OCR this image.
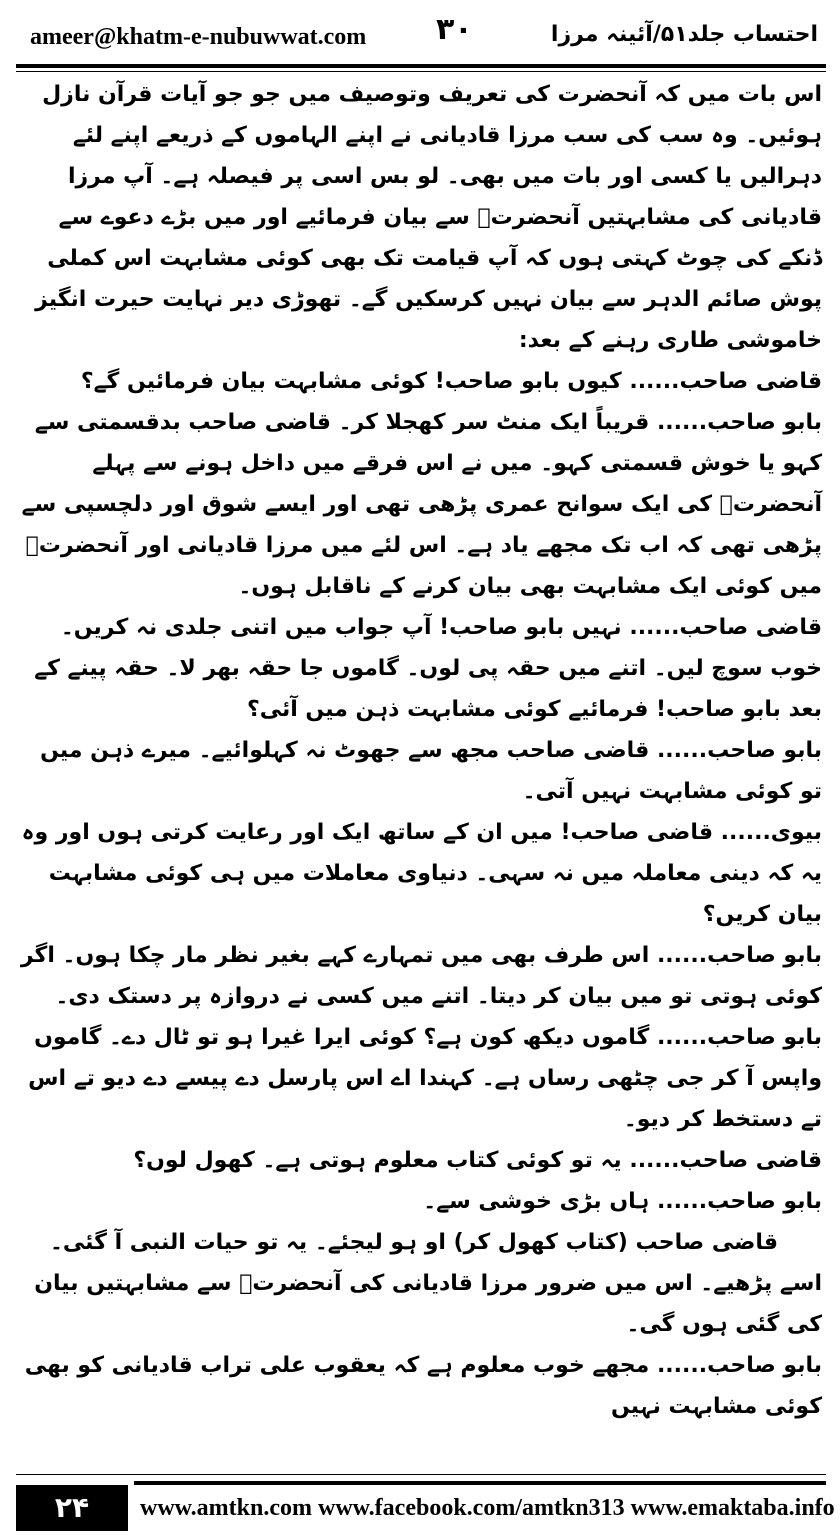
ameer@khatm-e-nubuwwat.com ۳۰	احتساب جلد۵۱/آئینہ مرزا

اس بات میں کہ آنحضرت کی تعریف وتوصیف میں جو جو آیات قرآن نازل ہوئیں۔ وہ سب کی سب مرزا قادیانی نے اپنے الہاموں کے ذریعے اپنے لئے دہرالیں یا کسی اور بات میں بھی۔ لو بس اسی پر فیصلہ ہے۔ آپ مرزا قادیانی کی مشابہتیں آنحضرتؐ سے بیان فرمائیے اور میں بڑے دعوے سے ڈنکے کی چوٹ کہتی ہوں کہ آپ قیامت تک بھی کوئی مشابہت اس کملی پوش صائم الدہر سے بیان نہیں کرسکیں گے۔ تھوڑی دیر نہایت حیرت انگیز خاموشی طاری رہنے کے بعد:

قاضی صاحب...... کیوں بابو صاحب! کوئی مشابہت بیان فرمائیں گے؟

بابو صاحب...... قریباً ایک منٹ سر کھجلا کر۔ قاضی صاحب بدقسمتی سے کہو یا خوش قسمتی کہو۔ میں نے اس فرقے میں داخل ہونے سے پہلے آنحضرتؐ کی ایک سوانح عمری پڑھی تھی اور ایسے شوق اور دلچسپی سے پڑھی تھی کہ اب تک مجھے یاد ہے۔ اس لئے میں مرزا قادیانی اور آنحضرتؐ میں کوئی ایک مشابہت بھی بیان کرنے کے ناقابل ہوں۔

قاضی صاحب...... نہیں بابو صاحب! آپ جواب میں اتنی جلدی نہ کریں۔ خوب سوچ لیں۔ اتنے میں حقہ پی لوں۔ گاموں جا حقہ بھر لا۔ حقہ پینے کے بعد بابو صاحب! فرمائیے کوئی مشابہت ذہن میں آئی؟

بابو صاحب...... قاضی صاحب مجھ سے جھوٹ نہ کہلوائیے۔ میرے ذہن میں تو کوئی مشابہت نہیں آتی۔

بیوی...... قاضی صاحب! میں ان کے ساتھ ایک اور رعایت کرتی ہوں اور وہ یہ کہ دینی معاملہ میں نہ سہی۔ دنیاوی معاملات میں ہی کوئی مشابہت بیان کریں؟

بابو صاحب...... اس طرف بھی میں تمہارے کہے بغیر نظر مار چکا ہوں۔ اگر کوئی ہوتی تو میں بیان کر دیتا۔ اتنے میں کسی نے دروازہ پر دستک دی۔

بابو صاحب...... گاموں دیکھ کون ہے؟ کوئی ایرا غیرا ہو تو ٹال دے۔ گاموں واپس آ کر جی چٹھی رساں ہے۔ کہندا اے اس پارسل دے پیسے دے دیو تے اس تے دستخط کر دیو۔

قاضی صاحب...... یہ تو کوئی کتاب معلوم ہوتی ہے۔ کھول لوں؟

بابو صاحب...... ہاں بڑی خوشی سے۔

قاضی صاحب (کتاب کھول کر) او ہو لیجئے۔ یہ تو حیات النبی آ گئی۔ اسے پڑھیے۔ اس میں ضرور مرزا قادیانی کی آنحضرتؐ سے مشابہتیں بیان کی گئی ہوں گی۔

بابو صاحب...... مجھے خوب معلوم ہے کہ یعقوب علی تراب قادیانی کو بھی کوئی مشابہت نہیں

۲۴	www.amtkn.com www.facebook.com/amtkn313 www.emaktaba.info
